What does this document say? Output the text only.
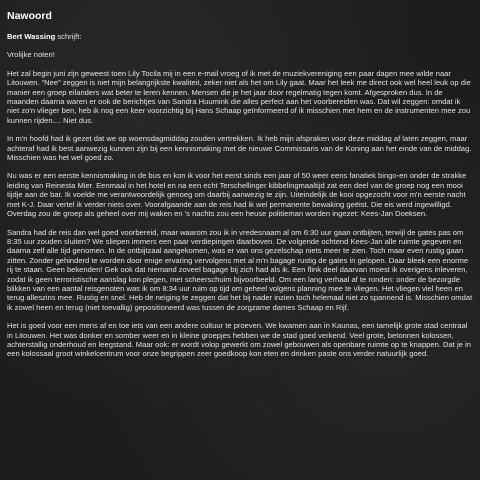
Nawoord
Bert Wassing schrijft:
Vrolijke noten!
Het zal begin juni zijn geweest toen Lily Tocila mij in een e-mail vroeg of ik met de muziekvereniging een paar dagen mee wilde naar Litouwen. “Nee” zeggen is niet mijn belangrijkste kwaliteit, zeker niet als het om Lily gaat. Maar het leek me direct ook wel heel leuk op die manier een groep eilanders wat beter te leren kennen. Mensen die je het jaar door regelmatig tegen komt. Afgesproken dus. In de maanden daarna waren er ook de berichtjes van Sandra Huumink die alles perfect aan het voorbereiden was. Dat wil zeggen: omdat ik niet zo'n vlieger ben, heb ik nog een keer voorzichtig bij Hans Schaap geïnformeerd of ik misschien met hem en de instrumenten mee zou kunnen rijden.... Niet dus.
In m'n hoofd had ik gezet dat we op woensdagmiddag zouden vertrekken. Ik heb mijn afspraken voor deze middag af laten zeggen, maar achteraf had ik best aanwezig kunnen zijn bij een kennismaking met de nieuwe Commissaris van de Koning aan het einde van de middag. Misschien was het wel goed zo.
Nu was er een eerste kennismaking in de bus en kon ik voor het eerst sinds een jaar of 50 weer eens fanatiek bingo-en onder de strakke leiding van Reinesta Mier. Eenmaal in het hotel en na een echt Terschellinger kibbelingmaaltijd zat een deel van de groep nog een mooi tijdje aan de bar. Ik voelde me verantwoordelijk genoeg om daarbij aanwezig te zijn. Uiteindelijk de kooi opgezocht voor m'n eerste nacht met K-J. Daar vertel ik verder niets over. Voorafgaande aan de reis had ik wel permanente bewaking geëist. Die eis werd ingewilligd. Overdag zou de groep als geheel over mij waken en 's nachts zou een heuse politieman worden ingezet: Kees-Jan Doeksen.
Sandra had de reis dan wel goed voorbereid, maar waarom zou ik in vredesnaam al om 6:30 uur gaan ontbijten, terwijl de gates pas om 8:35 uur zouden sluiten? We sliepen immers een paar verdiepingen daarboven. De volgende ochtend Kees-Jan alle ruimte gegeven en daarna zelf alle tijd genomen. In de ontbijtzaal aangekomen, was er van ons gezelschap niets meer te zien. Toch maar even rustig gaan zitten. Zonder gehinderd te worden door enige ervaring vervolgens met al m'n bagage rustig de gates in gelopen. Daar bleek een enorme rij te staan. Geen bekenden! Gek ook dat niemand zoveel bagage bij zich had als ik. Een flink deel daarvan moest ik overigens inleveren, zodat ik geen terroristische aanslag kon plegen, met scheerschuim bijvoorbeeld. Om een lang verhaal af te ronden: onder de bezorgde blikken van een aantal reisgenoten was ik om 8:34 uur ruim op tijd om geheel volgens planning mee te vliegen. Het vliegen viel heen en terug alleszins mee. Rustig en snel. Heb de neiging te zeggen dat het bij nader inzien toch helemaal niet zo spannend is. Misschien omdat ik zowel heen en terug (niet toevallig) gepositioneerd was tussen de zorgzame dames Schaap en Rijf.
Het is goed voor een mens af en toe iets van een andere cultuur te proeven. We kwamen aan in Kaunas, een tamelijk grote stad centraal in Litouwen. Het was donker en somber weer en in kleine groepjes hebben we de stad goed verkend. Veel grote, betonnen kolossen, achterstallig onderhoud en leegstand. Maar ook: er wordt volop gewerkt om zowel gebouwen als openbare ruimte op te knappen. Dat je in een kolossaal groot winkelcentrum voor onze begrippen zeer goedkoop kon eten en drinken paste ons verder natuurlijk goed.
